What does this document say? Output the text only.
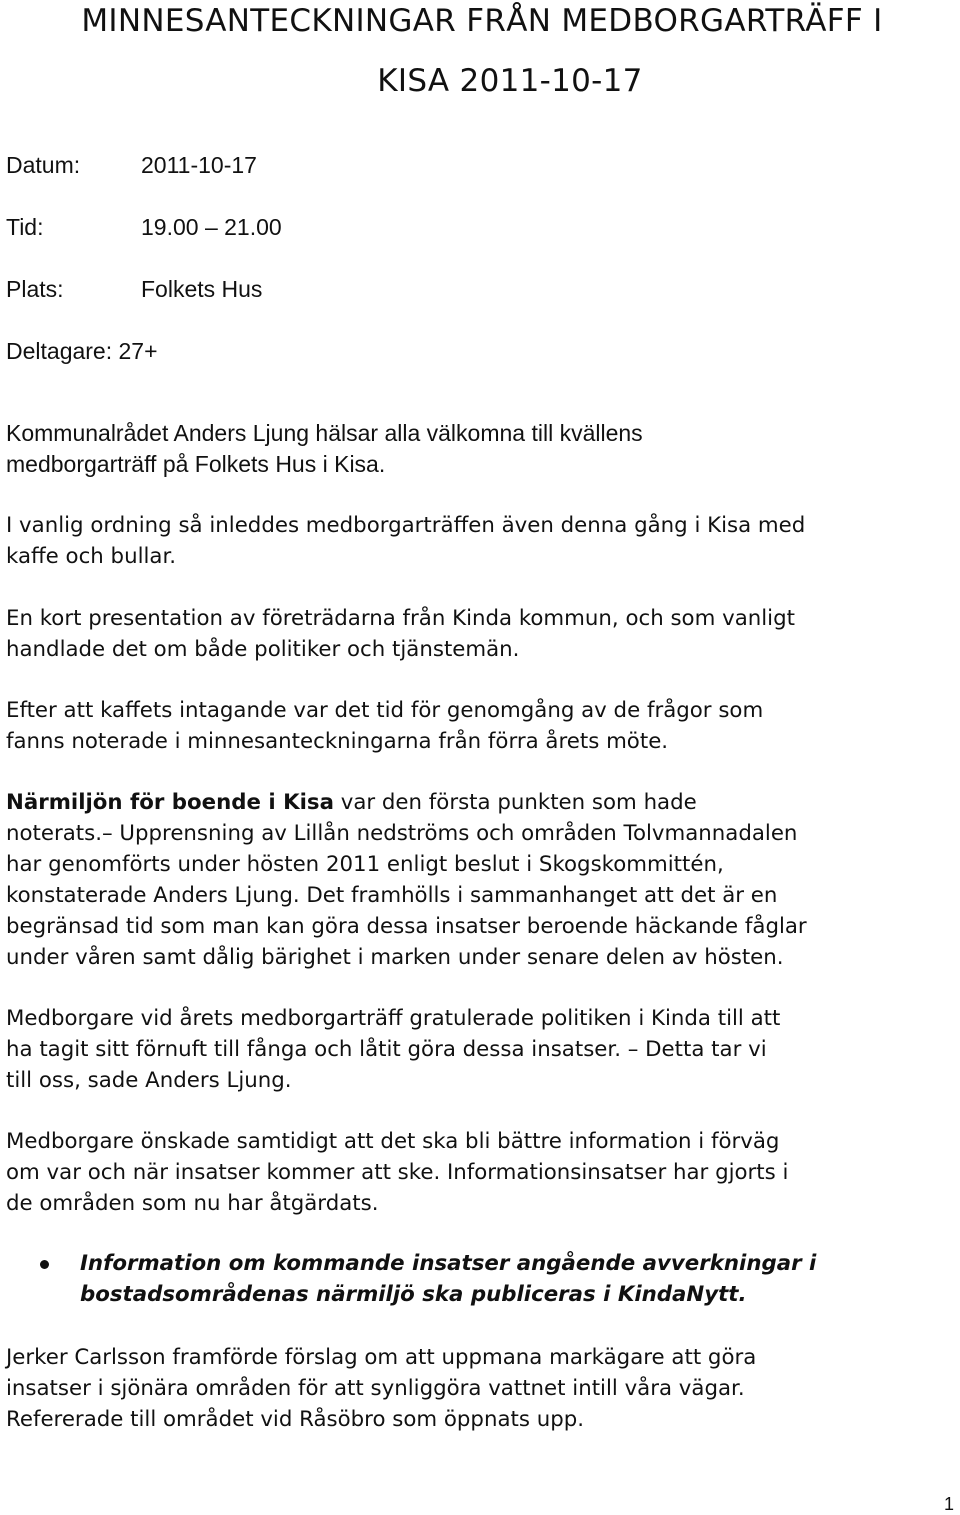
MINNESANTECKNINGAR FRÅN MEDBORGARTRÄFF I
KISA 2011-10-17
Datum:	2011-10-17
Tid:	19.00 – 21.00
Plats:	Folkets Hus
Deltagare: 27+

Kommunalrådet Anders Ljung hälsar alla välkomna till kvällens
medborgarträff på Folkets Hus i Kisa.

I vanlig ordning så inleddes medborgarträffen även denna gång i Kisa med
kaffe och bullar.

En kort presentation av företrädarna från Kinda kommun, och som vanligt
handlade det om både politiker och tjänstemän.

Efter att kaffets intagande var det tid för genomgång av de frågor som
fanns noterade i minnesanteckningarna från förra årets möte.

Närmiljön för boende i Kisa var den första punkten som hade
noterats.– Upprensning av Lillån nedströms och områden Tolvmannadalen
har genomförts under hösten 2011 enligt beslut i Skogskommittén,
konstaterade Anders Ljung. Det framhölls i sammanhanget att det är en
begränsad tid som man kan göra dessa insatser beroende häckande fåglar
under våren samt dålig bärighet i marken under senare delen av hösten.

Medborgare vid årets medborgarträff gratulerade politiken i Kinda till att
ha tagit sitt förnuft till fånga och låtit göra dessa insatser. – Detta tar vi
till oss, sade Anders Ljung.

Medborgare önskade samtidigt att det ska bli bättre information i förväg
om var och när insatser kommer att ske. Informationsinsatser har gjorts i
de områden som nu har åtgärdats.

Information om kommande insatser angående avverkningar i
bostadsområdenas närmiljö ska publiceras i KindaNytt.

Jerker Carlsson framförde förslag om att uppmana markägare att göra
insatser i sjönära områden för att synliggöra vattnet intill våra vägar.
Refererade till området vid Råsöbro som öppnats upp.

1
